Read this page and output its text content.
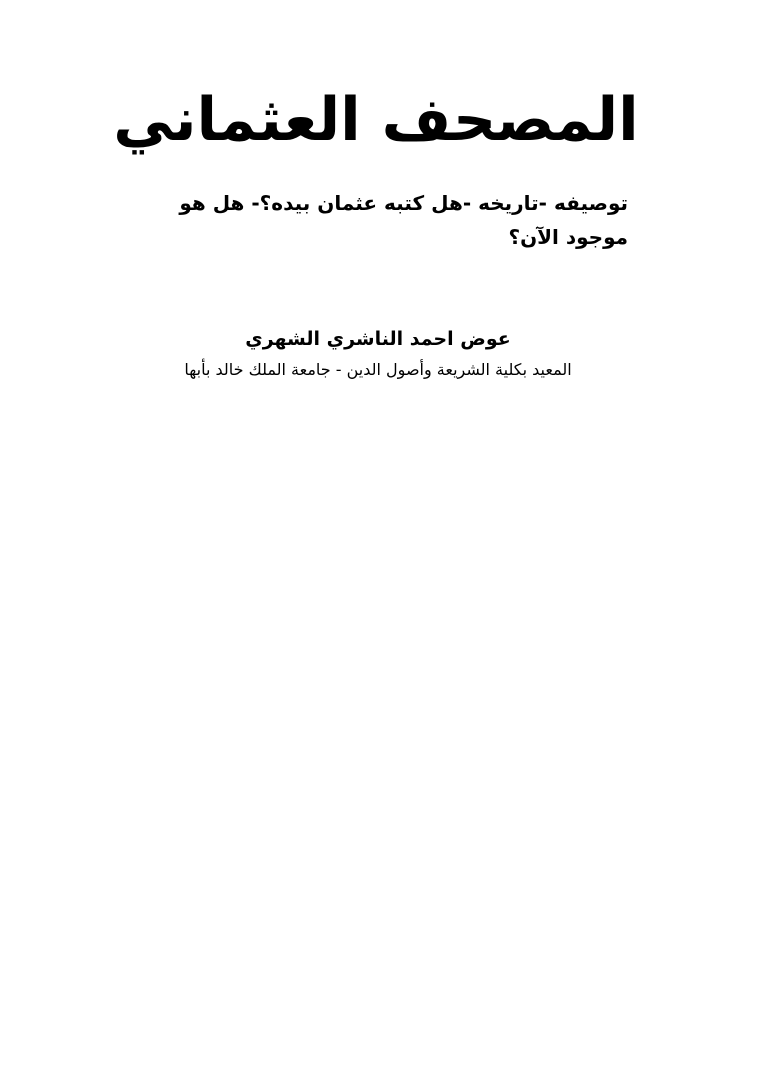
المصحف العثماني
توصيفه -تاريخه -هل كتبه عثمان بيده؟- هل هو
موجود الآن؟
عوض احمد الناشري الشهري
المعيد بكلية الشريعة وأصول الدين - جامعة الملك خالد بأبها
